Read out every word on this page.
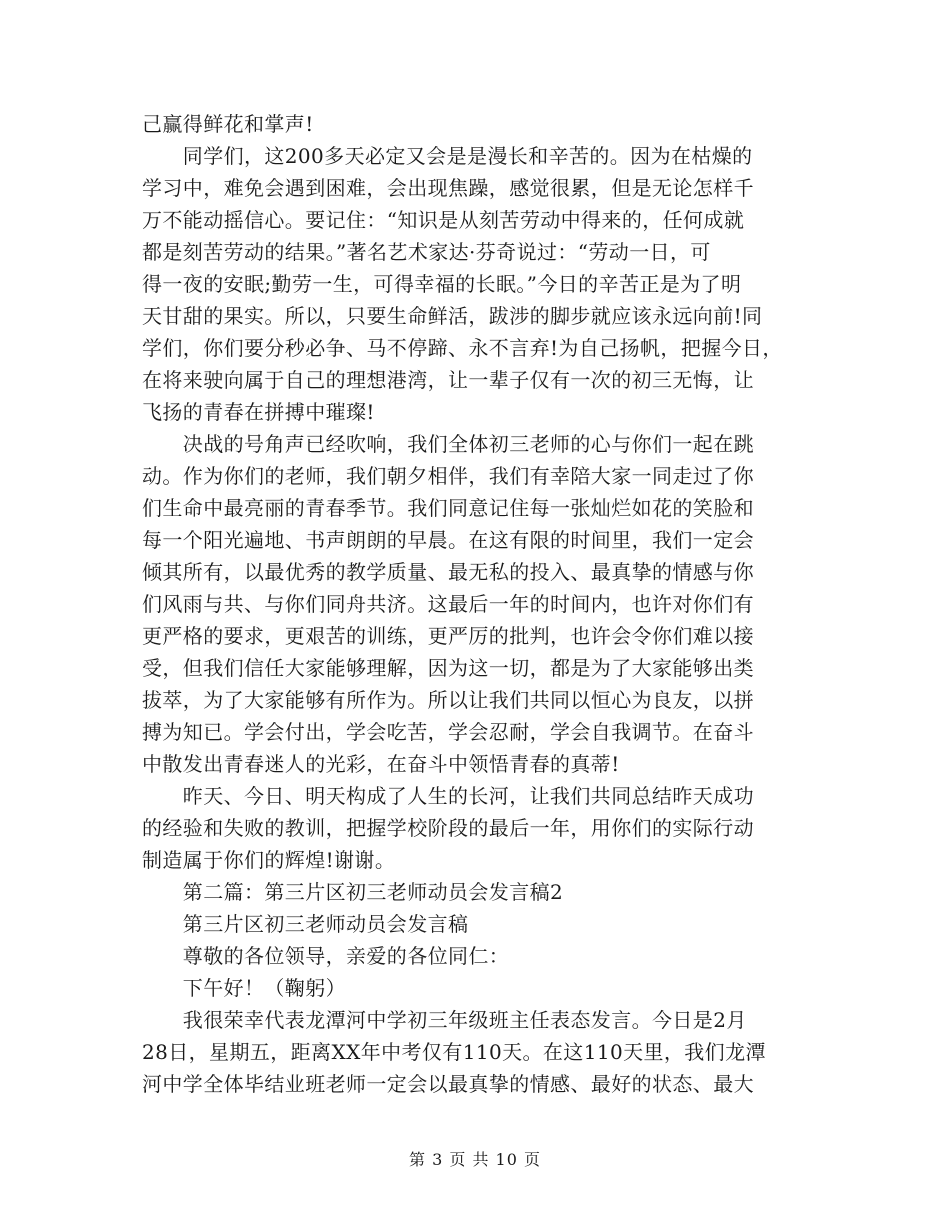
己赢得鲜花和掌声!
　　同学们，这200多天必定又会是是漫长和辛苦的。因为在枯燥的
学习中，难免会遇到困难，会出现焦躁，感觉很累，但是无论怎样千
万不能动摇信心。要记住：“知识是从刻苦劳动中得来的，任何成就
都是刻苦劳动的结果。”著名艺术家达·芬奇说过：“劳动一日，可
得一夜的安眠;勤劳一生，可得幸福的长眠。”今日的辛苦正是为了明
天甘甜的果实。所以，只要生命鲜活，跋涉的脚步就应该永远向前!同
学们，你们要分秒必争、马不停蹄、永不言弃!为自己扬帆，把握今日，
在将来驶向属于自己的理想港湾，让一辈子仅有一次的初三无悔，让
飞扬的青春在拼搏中璀璨!
　　决战的号角声已经吹响，我们全体初三老师的心与你们一起在跳
动。作为你们的老师，我们朝夕相伴，我们有幸陪大家一同走过了你
们生命中最亮丽的青春季节。我们同意记住每一张灿烂如花的笑脸和
每一个阳光遍地、书声朗朗的早晨。在这有限的时间里，我们一定会
倾其所有，以最优秀的教学质量、最无私的投入、最真挚的情感与你
们风雨与共、与你们同舟共济。这最后一年的时间内，也许对你们有
更严格的要求，更艰苦的训练，更严厉的批判，也许会令你们难以接
受，但我们信任大家能够理解，因为这一切，都是为了大家能够出类
拔萃，为了大家能够有所作为。所以让我们共同以恒心为良友，以拼
搏为知已。学会付出，学会吃苦，学会忍耐，学会自我调节。在奋斗
中散发出青春迷人的光彩，在奋斗中领悟青春的真蒂!
　　昨天、今日、明天构成了人生的长河，让我们共同总结昨天成功
的经验和失败的教训，把握学校阶段的最后一年，用你们的实际行动
制造属于你们的辉煌!谢谢。
　　第二篇：第三片区初三老师动员会发言稿2
　　第三片区初三老师动员会发言稿
　　尊敬的各位领导，亲爱的各位同仁：
　　下午好！（鞠躬）
　　我很荣幸代表龙潭河中学初三年级班主任表态发言。今日是2月
28日，星期五，距离XX年中考仅有110天。在这110天里，我们龙潭
河中学全体毕结业班老师一定会以最真挚的情感、最好的状态、最大
第 3 页 共 10 页
